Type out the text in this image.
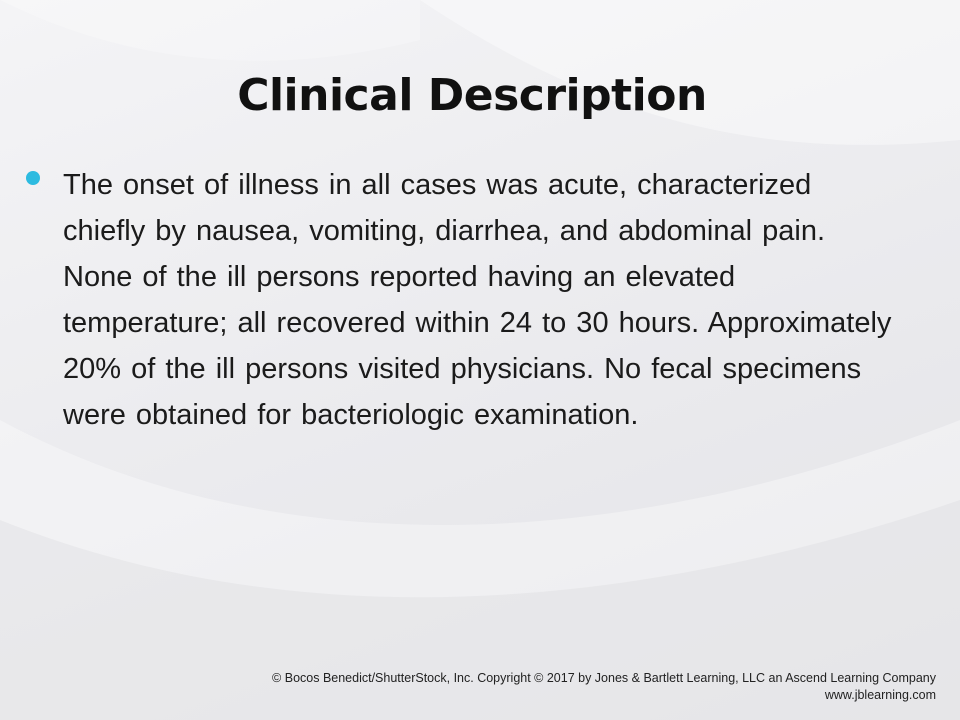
Clinical Description
The onset of illness in all cases was acute, characterized chiefly by nausea, vomiting, diarrhea, and abdominal pain. None of the ill persons reported having an elevated temperature; all recovered within 24 to 30 hours. Approximately 20% of the ill persons visited physicians. No fecal specimens were obtained for bacteriologic examination.
© Bocos Benedict/ShutterStock, Inc. Copyright © 2017 by Jones & Bartlett Learning, LLC an Ascend Learning Company
www.jblearning.com
